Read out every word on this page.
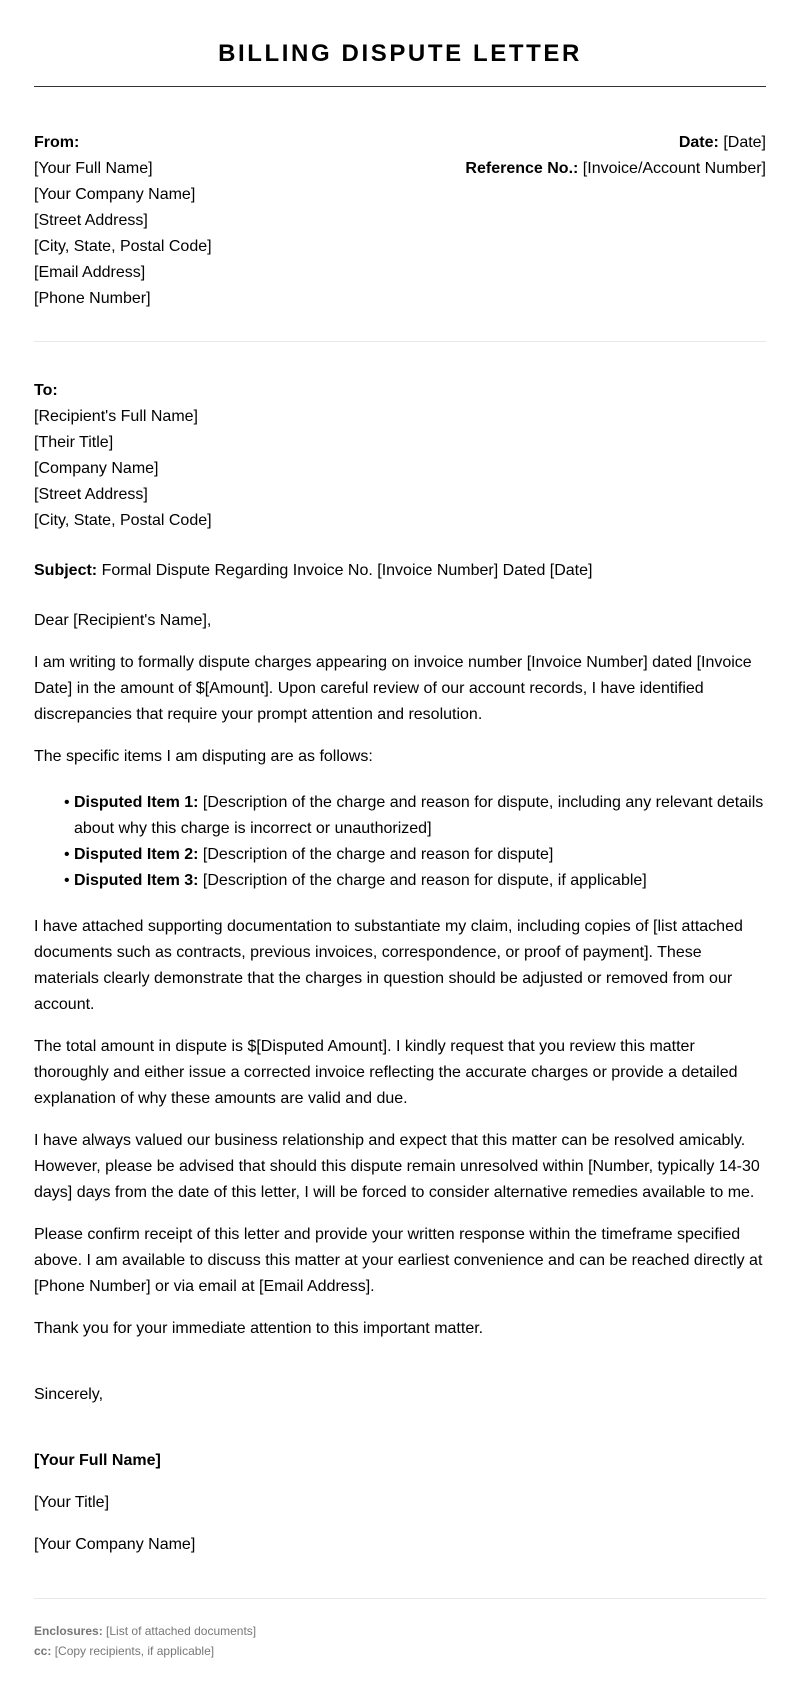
BILLING DISPUTE LETTER

From:

[Your Full Name]

[Your Company Name]

[Street Address]

[City, State, Postal Code]

[Email Address]

[Phone Number]

Date: [Date]

Reference No.: [Invoice/Account Number]

To:

[Recipient's Full Name]

[Their Title]

[Company Name]

[Street Address]

[City, State, Postal Code]

Subject: Formal Dispute Regarding Invoice No. [Invoice Number] Dated [Date]

Dear [Recipient's Name],

I am writing to formally dispute charges appearing on invoice number [Invoice Number] dated [Invoice Date] in the amount of $[Amount]. Upon careful review of our account records, I have identified discrepancies that require your prompt attention and resolution.

The specific items I am disputing are as follows:

• Disputed Item 1: [Description of the charge and reason for dispute, including any relevant details about why this charge is incorrect or unauthorized]
• Disputed Item 2: [Description of the charge and reason for dispute]
• Disputed Item 3: [Description of the charge and reason for dispute, if applicable]

I have attached supporting documentation to substantiate my claim, including copies of [list attached documents such as contracts, previous invoices, correspondence, or proof of payment]. These materials clearly demonstrate that the charges in question should be adjusted or removed from our account.

The total amount in dispute is $[Disputed Amount]. I kindly request that you review this matter thoroughly and either issue a corrected invoice reflecting the accurate charges or provide a detailed explanation of why these amounts are valid and due.

I have always valued our business relationship and expect that this matter can be resolved amicably. However, please be advised that should this dispute remain unresolved within [Number, typically 14-30 days] days from the date of this letter, I will be forced to consider alternative remedies available to me.

Please confirm receipt of this letter and provide your written response within the timeframe specified above. I am available to discuss this matter at your earliest convenience and can be reached directly at [Phone Number] or via email at [Email Address].

Thank you for your immediate attention to this important matter.

Sincerely,

[Your Full Name]

[Your Title]

[Your Company Name]

Enclosures: [List of attached documents]
cc: [Copy recipients, if applicable]
